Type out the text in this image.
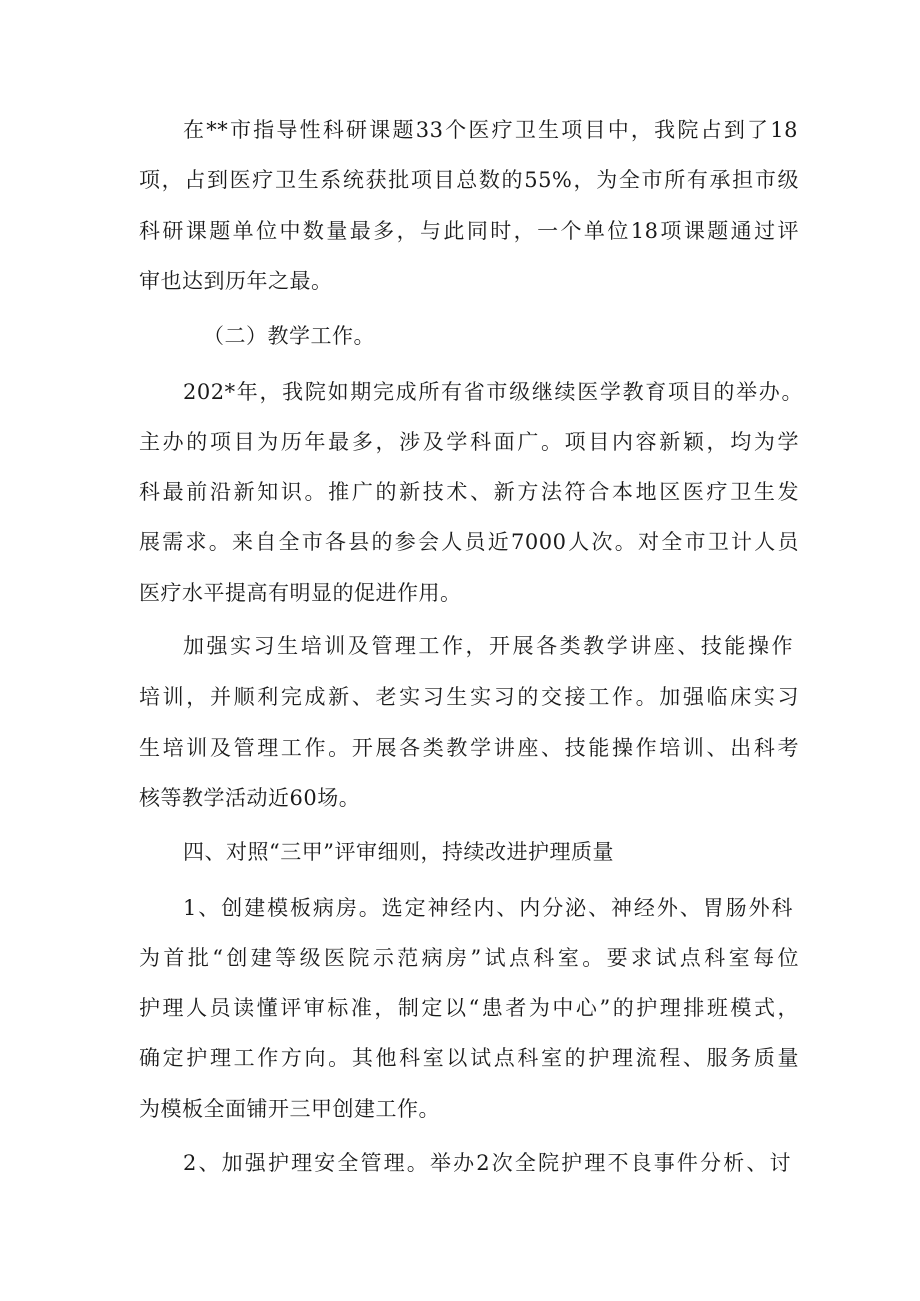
在**市指导性科研课题33个医疗卫生项目中，我院占到了18
项，占到医疗卫生系统获批项目总数的55%，为全市所有承担市级
科研课题单位中数量最多，与此同时，一个单位18项课题通过评
审也达到历年之最。
（二）教学工作。
202*年，我院如期完成所有省市级继续医学教育项目的举办。
主办的项目为历年最多，涉及学科面广。项目内容新颖，均为学
科最前沿新知识。推广的新技术、新方法符合本地区医疗卫生发
展需求。来自全市各县的参会人员近7000人次。对全市卫计人员
医疗水平提高有明显的促进作用。
加强实习生培训及管理工作，开展各类教学讲座、技能操作
培训，并顺利完成新、老实习生实习的交接工作。加强临床实习
生培训及管理工作。开展各类教学讲座、技能操作培训、出科考
核等教学活动近60场。
四、对照“三甲”评审细则，持续改进护理质量
1、创建模板病房。选定神经内、内分泌、神经外、胃肠外科
为首批“创建等级医院示范病房”试点科室。要求试点科室每位
护理人员读懂评审标准，制定以“患者为中心”的护理排班模式，
确定护理工作方向。其他科室以试点科室的护理流程、服务质量
为模板全面铺开三甲创建工作。
2、加强护理安全管理。举办2次全院护理不良事件分析、讨
